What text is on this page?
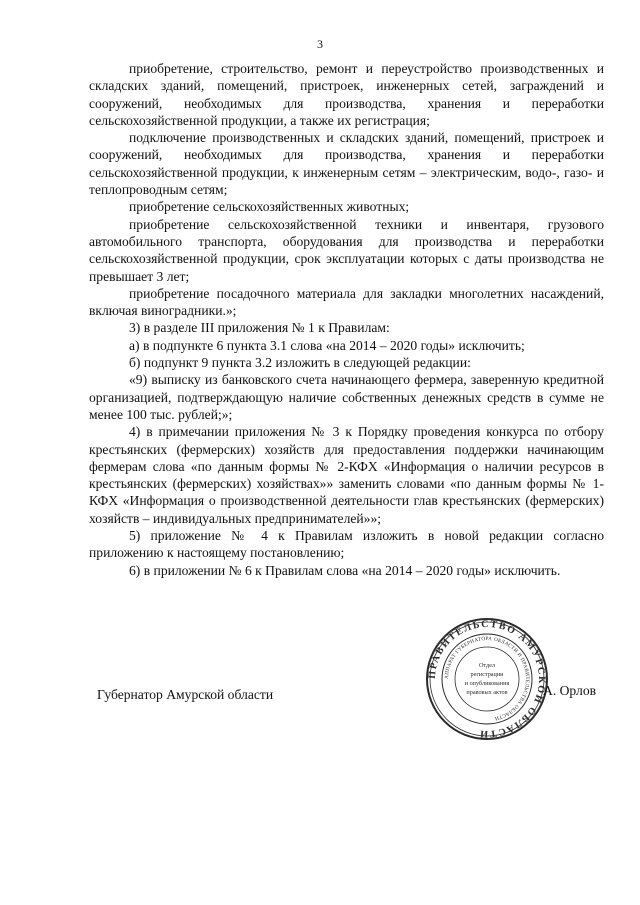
3

приобретение, строительство, ремонт и переустройство производственных и складских зданий, помещений, пристроек, инженерных сетей, заграждений и сооружений, необходимых для производства, хранения и переработки сельскохозяйственной продукции, а также их регистрация;

подключение производственных и складских зданий, помещений, пристроек и сооружений, необходимых для производства, хранения и переработки сельскохозяйственной продукции, к инженерным сетям – электрическим, водо-, газо- и теплопроводным сетям;

приобретение сельскохозяйственных животных;

приобретение сельскохозяйственной техники и инвентаря, грузового автомобильного транспорта, оборудования для производства и переработки сельскохозяйственной продукции, срок эксплуатации которых с даты производства не превышает 3 лет;

приобретение посадочного материала для закладки многолетних насаждений, включая виноградники.»;

3) в разделе III приложения № 1 к Правилам:

а) в подпункте 6 пункта 3.1 слова «на 2014 – 2020 годы» исключить;

б) подпункт 9 пункта 3.2 изложить в следующей редакции:

«9) выписку из банковского счета начинающего фермера, заверенную кредитной организацией, подтверждающую наличие собственных денежных средств в сумме не менее 100 тыс. рублей;»;

4) в примечании приложения № 3 к Порядку проведения конкурса по отбору крестьянских (фермерских) хозяйств для предоставления поддержки начинающим фермерам слова «по данным формы № 2-КФХ «Информация о наличии ресурсов в крестьянских (фермерских) хозяйствах»» заменить словами «по данным формы № 1-КФХ «Информация о производственной деятельности глав крестьянских (фермерских) хозяйств – индивидуальных предпринимателей»»;

5) приложение № 4 к Правилам изложить в новой редакции согласно приложению к настоящему постановлению;

6) в приложении № 6 к Правилам слова «на 2014 – 2020 годы» исключить.

ПРАВИТЕЛЬСТВО АМУРСКОЙ ОБЛАСТИ
АППАРАТ ГУБЕРНАТОРА ОБЛАСТИ И ПРАВИТЕЛЬСТВА ОБЛАСТИ
Отдел
регистрации
и опубликования
правовых актов
Губернатор Амурской области	А. Орлов
